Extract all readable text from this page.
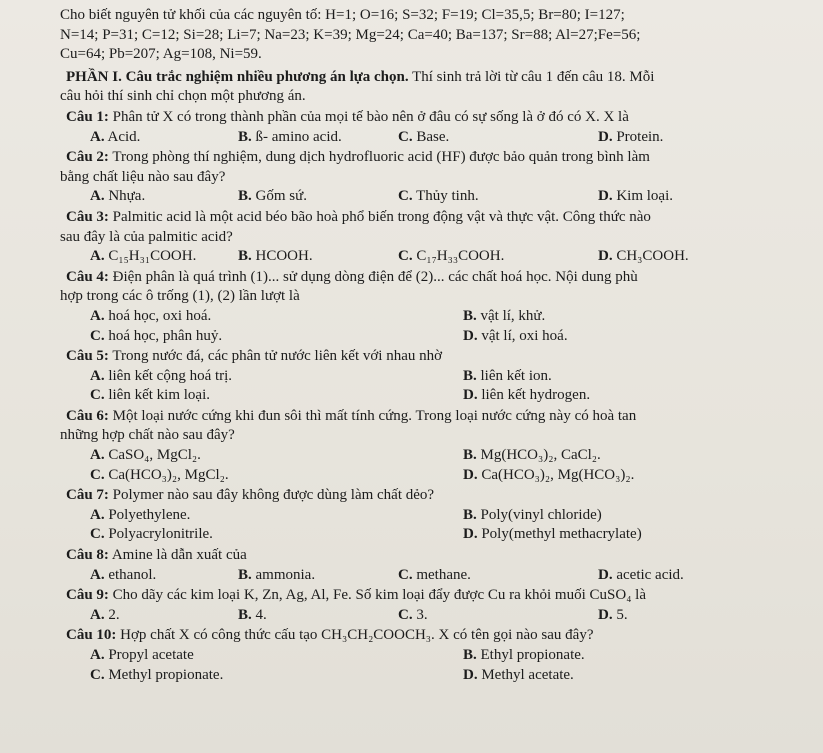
Cho biết nguyên tử khối của các nguyên tố: H=1; O=16; S=32; F=19; Cl=35,5; Br=80; I=127;
N=14; P=31; C=12; Si=28; Li=7; Na=23; K=39; Mg=24; Ca=40; Ba=137; Sr=88; Al=27;Fe=56;
Cu=64; Pb=207; Ag=108, Ni=59.
PHẦN I. Câu trắc nghiệm nhiều phương án lựa chọn. Thí sinh trả lời từ câu 1 đến câu 18. Mỗi
câu hỏi thí sinh chỉ chọn một phương án.
Câu 1: Phân tử X có trong thành phần của mọi tế bào nên ở đâu có sự sống là ở đó có X. X là
A. Acid.	B. ß- amino acid.	C. Base.	D. Protein.
Câu 2: Trong phòng thí nghiệm, dung dịch hydrofluoric acid (HF) được bảo quản trong bình làm
bằng chất liệu nào sau đây?
A. Nhựa.	B. Gốm sứ.	C. Thủy tinh.	D. Kim loại.
Câu 3: Palmitic acid là một acid béo bão hoà phổ biến trong động vật và thực vật. Công thức nào
sau đây là của palmitic acid?
A. C₁₅H₃₁COOH.	B. HCOOH.	C. C₁₇H₃₃COOH.	D. CH₃COOH.
Câu 4: Điện phân là quá trình (1)... sử dụng dòng điện để (2)... các chất hoá học. Nội dung phù
hợp trong các ô trống (1), (2) lần lượt là
A. hoá học, oxi hoá.	B. vật lí, khử.
C. hoá học, phân huỷ.	D. vật lí, oxi hoá.
Câu 5: Trong nước đá, các phân tử nước liên kết với nhau nhờ
A. liên kết cộng hoá trị.	B. liên kết ion.
C. liên kết kim loại.	D. liên kết hydrogen.
Câu 6: Một loại nước cứng khi đun sôi thì mất tính cứng. Trong loại nước cứng này có hoà tan
những hợp chất nào sau đây?
A. CaSO₄, MgCl₂.	B. Mg(HCO₃)₂, CaCl₂.
C. Ca(HCO₃)₂, MgCl₂.	D. Ca(HCO₃)₂, Mg(HCO₃)₂.
Câu 7: Polymer nào sau đây không được dùng làm chất dẻo?
A. Polyethylene.	B. Poly(vinyl chloride)
C. Polyacrylonitrile.	D. Poly(methyl methacrylate)
Câu 8: Amine là dẫn xuất của
A. ethanol.	B. ammonia.	C. methane.	D. acetic acid.
Câu 9: Cho dãy các kim loại K, Zn, Ag, Al, Fe. Số kim loại đẩy được Cu ra khỏi muối CuSO₄ là
A. 2.	B. 4.	C. 3.	D. 5.
Câu 10: Hợp chất X có công thức cấu tạo CH₃CH₂COOCH₃. X có tên gọi nào sau đây?
A. Propyl acetate	B. Ethyl propionate.
C. Methyl propionate.	D. Methyl acetate.
